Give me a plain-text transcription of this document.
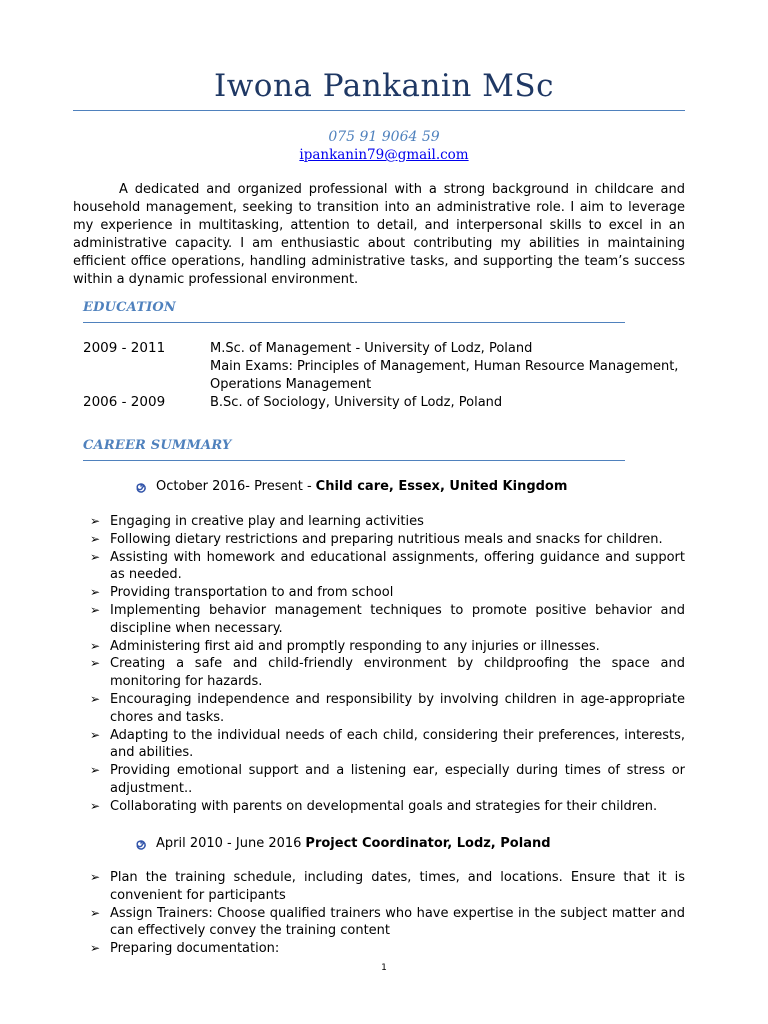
Iwona Pankanin MSc
075 91 9064 59
ipankanin79@gmail.com

A dedicated and organized professional with a strong background in childcare and household management, seeking to transition into an administrative role. I aim to leverage my experience in multitasking, attention to detail, and interpersonal skills to excel in an administrative capacity. I am enthusiastic about contributing my abilities in maintaining efficient office operations, handling administrative tasks, and supporting the team’s success within a dynamic professional environment.

EDUCATION
2009 - 2011	M.Sc. of Management - University of Lodz, Poland
Main Exams: Principles of Management, Human Resource Management,
Operations Management
2006 - 2009	B.Sc. of Sociology, University of Lodz, Poland
CAREER SUMMARY
October 2016- Present - Child care, Essex, United Kingdom
➢ Engaging in creative play and learning activities
➢ Following dietary restrictions and preparing nutritious meals and snacks for children.
➢ Assisting with homework and educational assignments, offering guidance and support as needed.
➢ Providing transportation to and from school
➢ Implementing behavior management techniques to promote positive behavior and discipline when necessary.
➢ Administering first aid and promptly responding to any injuries or illnesses.
➢ Creating a safe and child-friendly environment by childproofing the space and monitoring for hazards.
➢ Encouraging independence and responsibility by involving children in age-appropriate chores and tasks.
➢ Adapting to the individual needs of each child, considering their preferences, interests, and abilities.
➢ Providing emotional support and a listening ear, especially during times of stress or adjustment..
➢ Collaborating with parents on developmental goals and strategies for their children.
April 2010 - June 2016 Project Coordinator, Lodz, Poland
➢ Plan the training schedule, including dates, times, and locations. Ensure that it is convenient for participants
➢ Assign Trainers: Choose qualified trainers who have expertise in the subject matter and can effectively convey the training content
➢ Preparing documentation:
1
